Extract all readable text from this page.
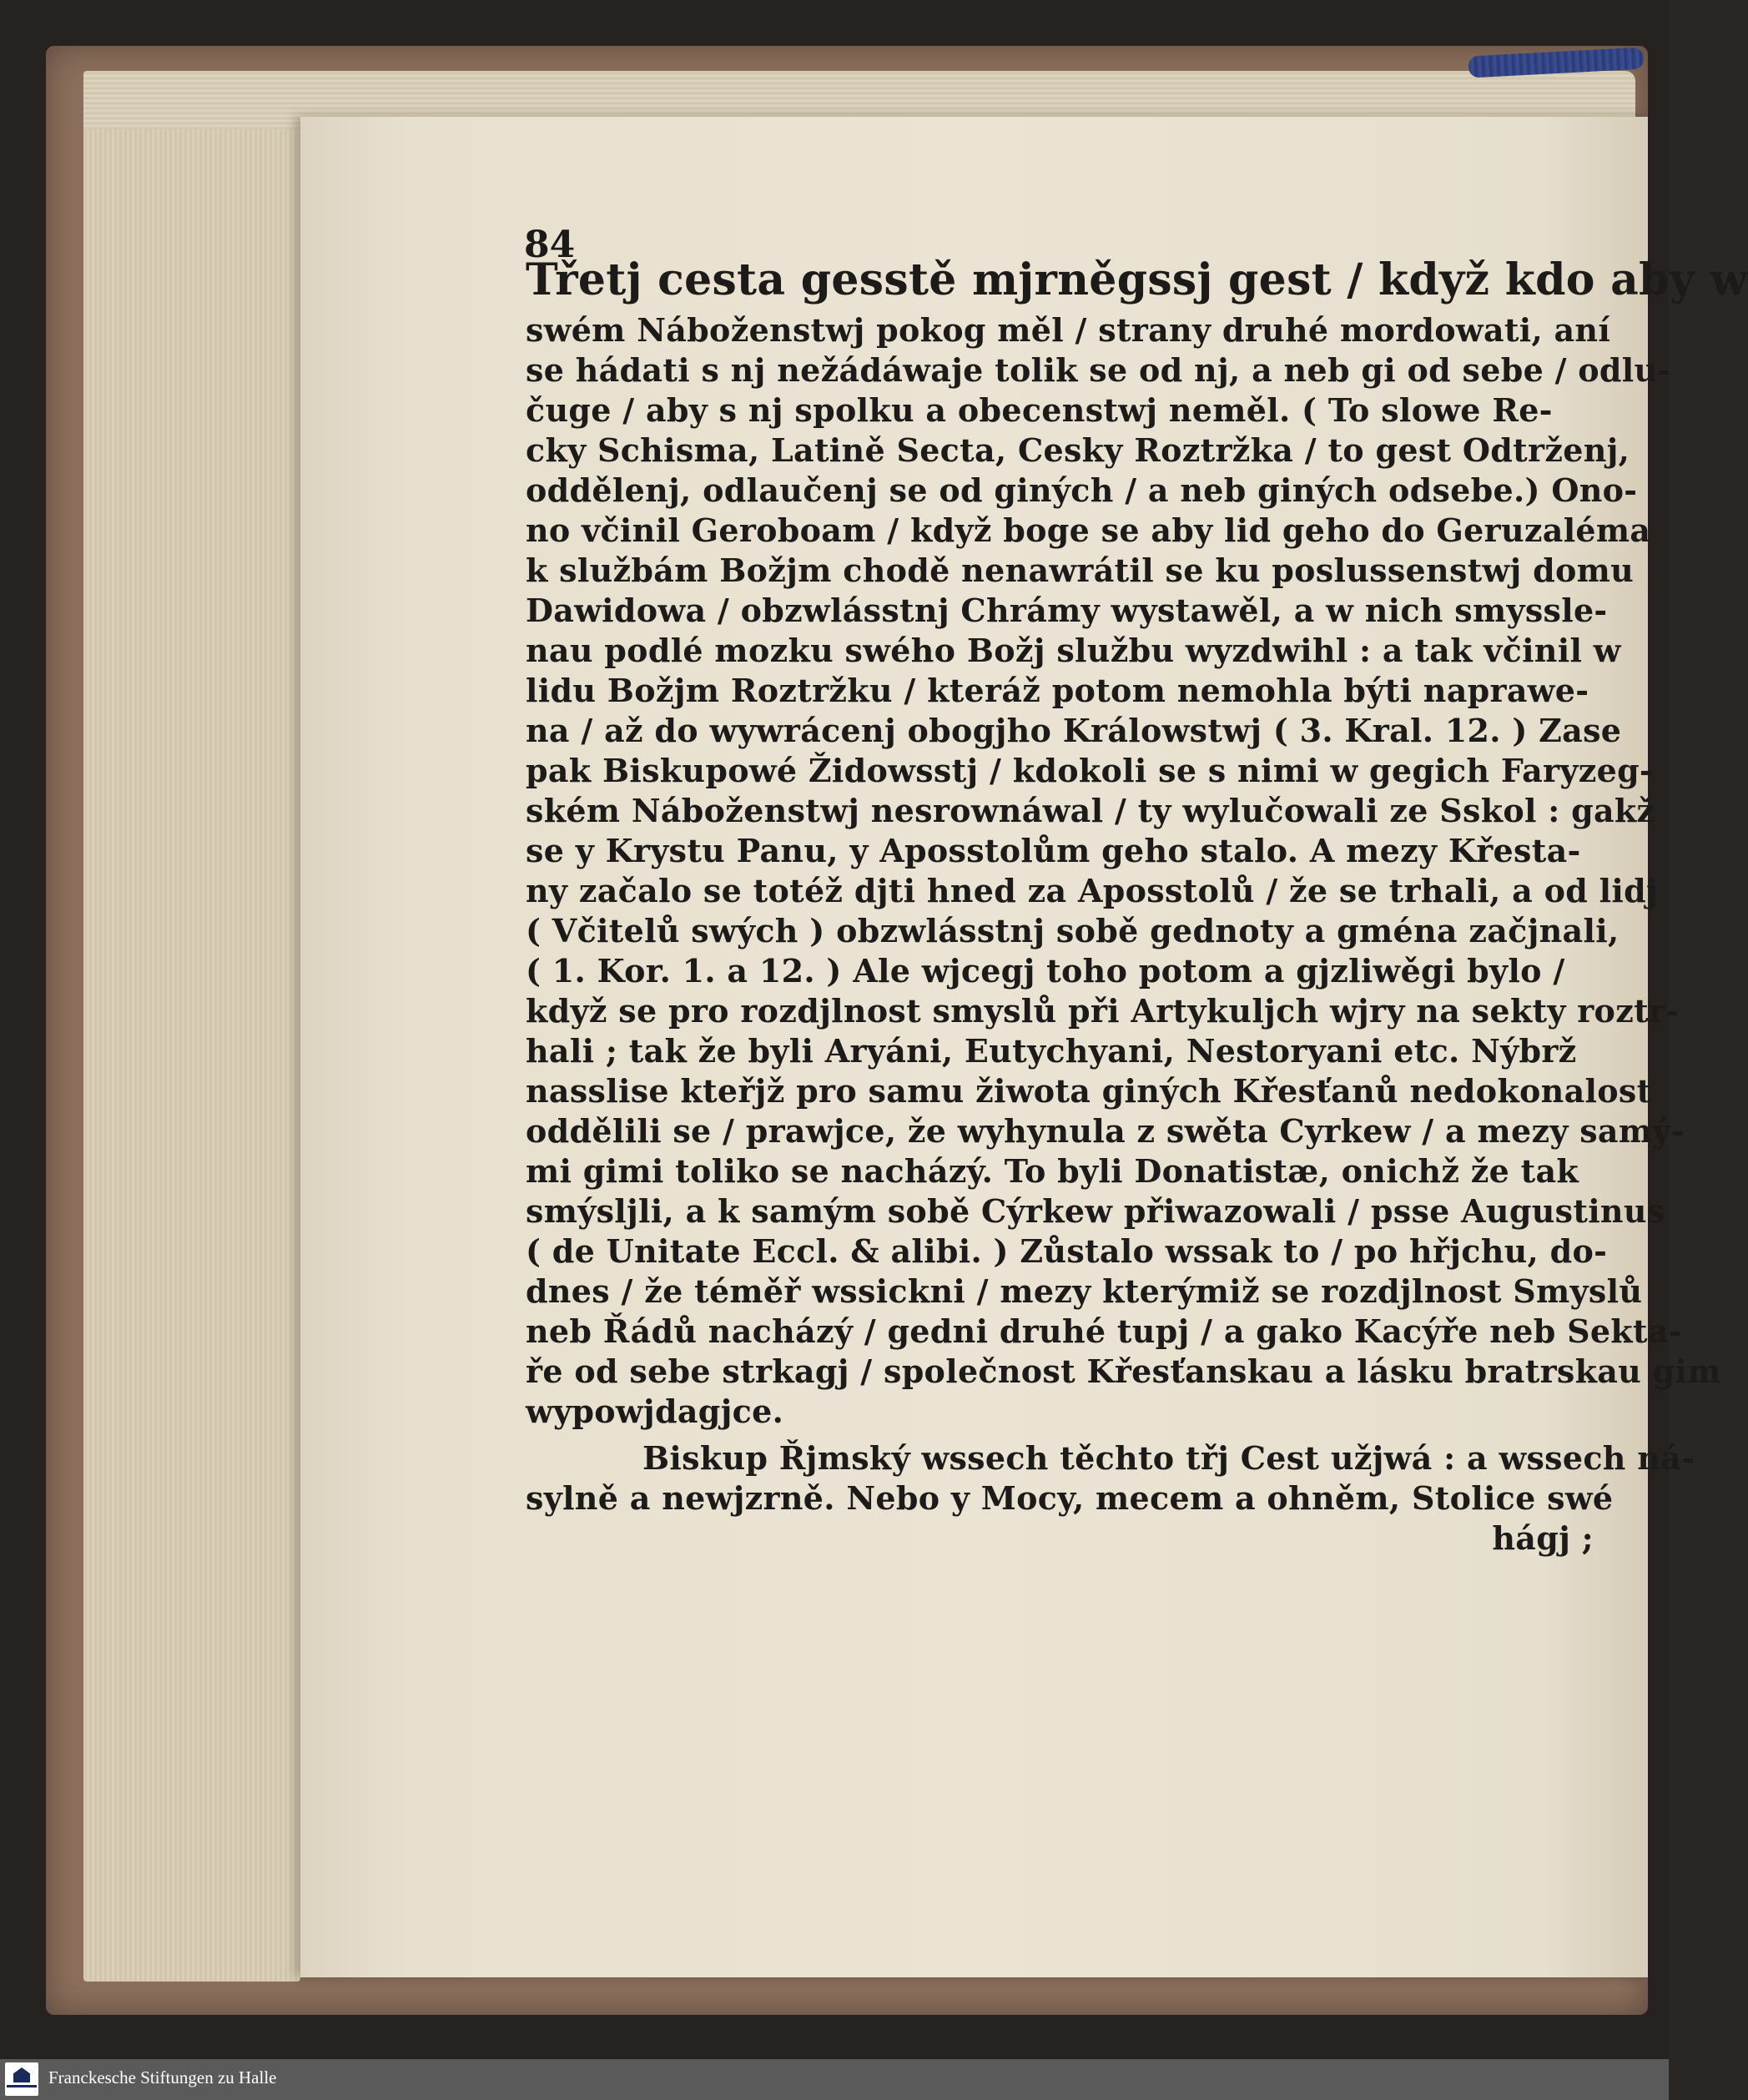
84
Třetj cesta gesstě mjrněgssj gest / když kdo aby w
swém Náboženstwj pokog měl / strany druhé mordowati, aní
se hádati s nj nežádáwaje tolik se od nj, a neb gi od sebe / odlu-
čuge / aby s nj spolku a obecenstwj neměl. ( To slowe Re-
cky Schisma, Latině Secta, Cesky Roztržka / to gest Odtrženj,
oddělenj, odlaučenj se od giných / a neb giných odsebe.) Ono-
no včinil Geroboam / když boge se aby lid geho do Geruzaléma
k službám Božjm chodě nenawrátil se ku poslussenstwj domu
Dawidowa / obzwlásstnj Chrámy wystawěl, a w nich smyssle-
nau podlé mozku swého Božj službu wyzdwihl : a tak včinil w
lidu Božjm Roztržku / kteráž potom nemohla býti naprawe-
na / až do wywrácenj obogjho Králowstwj ( 3. Kral. 12. ) Zase
pak Biskupowé Židowsstj / kdokoli se s nimi w gegich Faryzeg-
ském Náboženstwj nesrownáwal / ty wylučowali ze Sskol : gakž
se y Krystu Panu, y Aposstolům geho stalo. A mezy Křesta-
ny začalo se totéž djti hned za Aposstolů / že se trhali, a od lidj
( Včitelů swých ) obzwlásstnj sobě gednoty a gména začjnali,
( 1. Kor. 1. a 12. ) Ale wjcegj toho potom a gjzliwěgi bylo /
když se pro rozdjlnost smyslů při Artykuljch wjry na sekty roztr-
hali ; tak že byli Aryáni, Eutychyani, Nestoryani etc. Nýbrž
nasslise kteřjž pro samu žiwota giných Křesťanů nedokonalost
oddělili se / prawjce, že wyhynula z swěta Cyrkew / a mezy samý-
mi gimi toliko se nacházý. To byli Donatistæ, onichž že tak
smýsljli, a k samým sobě Cýrkew přiwazowali / psse Augustinus
( de Unitate Eccl. & alibi. ) Zůstalo wssak to / po hřjchu, do-
dnes / že téměř wssickni / mezy kterýmiž se rozdjlnost Smyslů
neb Řádů nacházý / gedni druhé tupj / a gako Kacýře neb Sekta-
ře od sebe strkagj / společnost Křesťanskau a lásku bratrskau gim
wypowjdagjce.
Biskup Řjmský wssech těchto třj Cest užjwá : a wssech ná-
sylně a newjzrně. Nebo y Mocy, mecem a ohněm, Stolice swé
hágj ;
Franckesche Stiftungen zu Halle
